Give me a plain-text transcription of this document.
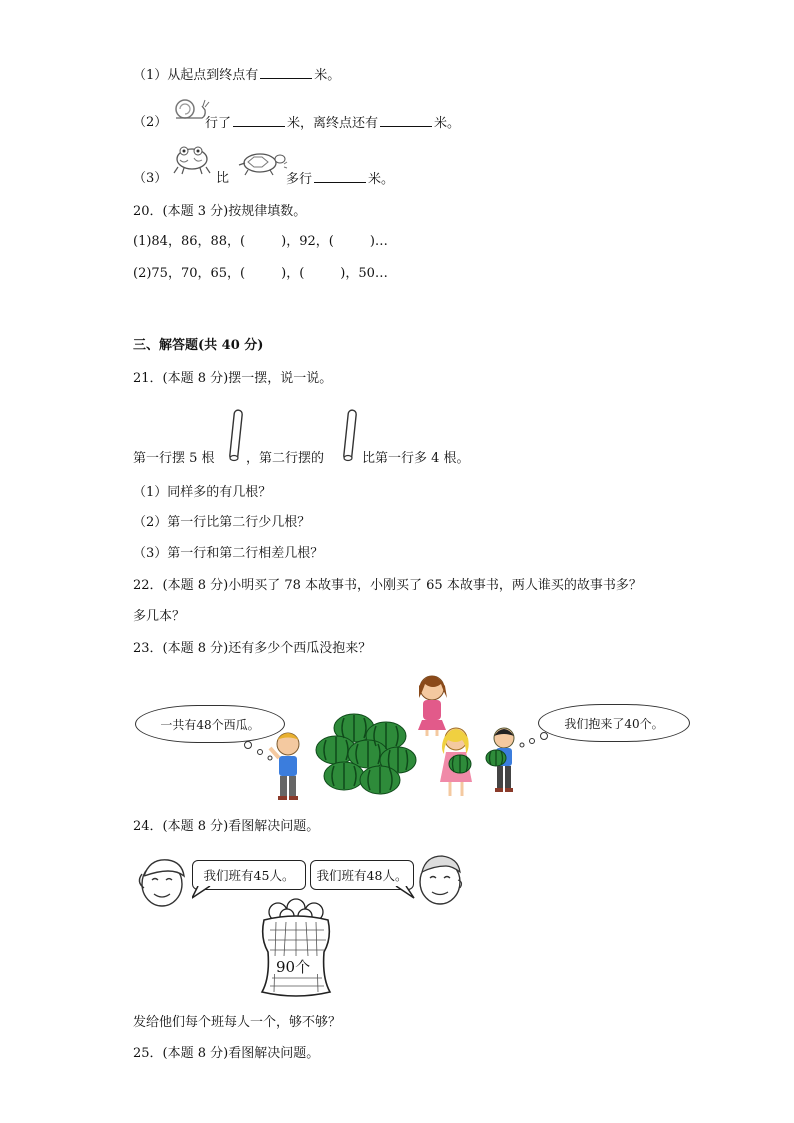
（1）从起点到终点有	米。
（2）	行了	米，离终点还有	米。
（3）	比	多行	米。
20．(本题 3 分)按规律填数。
(1)84，86，88，(	)，92，(	)…
(2)75，70，65，(	)，(	)，50…
三、解答题(共 40 分)
21．(本题 8 分)摆一摆，说一说。
第一行摆 5 根 ，第二行摆的	比第一行多 4 根。
（1）同样多的有几根？
（2）第一行比第二行少几根？
（3）第一行和第二行相差几根？
22．(本题 8 分)小明买了 78 本故事书，小刚买了 65 本故事书，两人谁买的故事书多？
多几本？
23．(本题 8 分)还有多少个西瓜没抱来？
一共有48个西瓜。	我们抱来了40个。
24．(本题 8 分)看图解决问题。
我们班有45人。 我们班有48人。
90个
发给他们每个班每人一个，够不够？
25．(本题 8 分)看图解决问题。
